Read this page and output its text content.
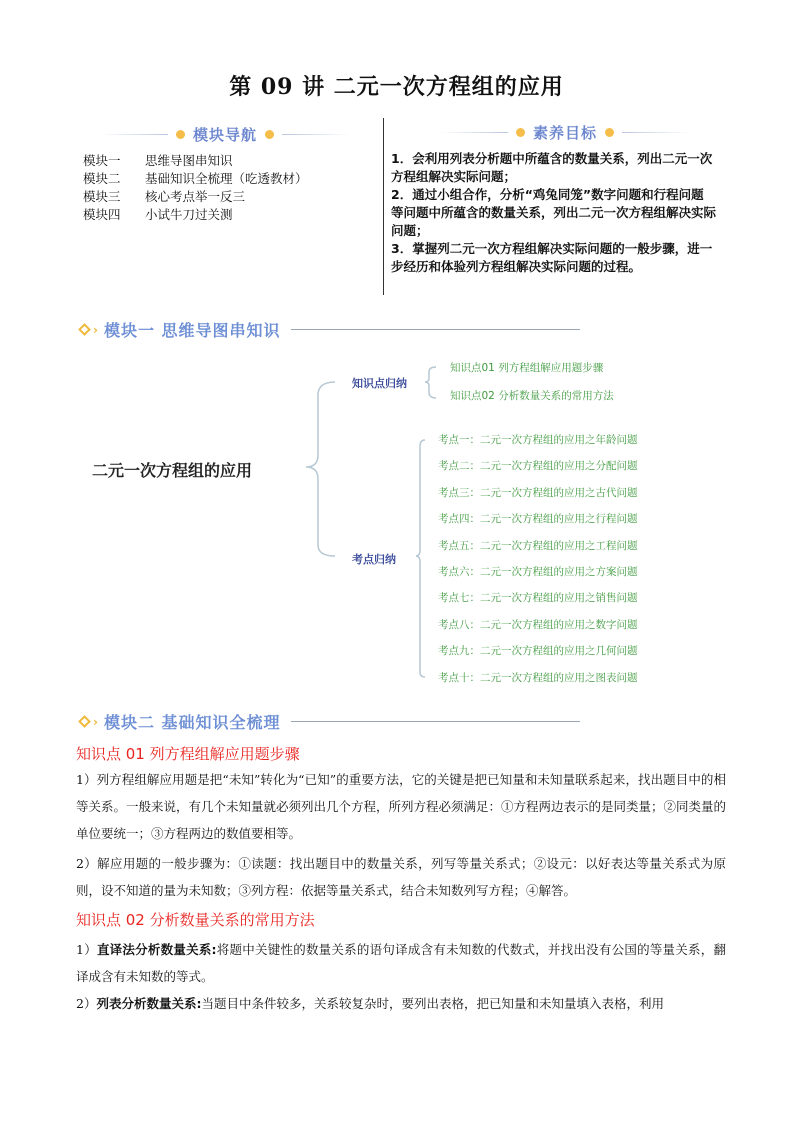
第 09 讲 二元一次方程组的应用
模块导航
模块一	思维导图串知识
模块二	基础知识全梳理（吃透教材）
模块三	核心考点举一反三
模块四	小试牛刀过关测
素养目标

1．会利用列表分析题中所蕴含的数量关系，列出二元一次方程组解决实际问题；

2．通过小组合作，分析“鸡兔同笼”数字问题和行程问题等问题中所蕴含的数量关系，列出二元一次方程组解决实际问题；

3．掌握列二元一次方程组解决实际问题的一般步骤，进一步经历和体验列方程组解决实际问题的过程。

› 模块一 思维导图串知识
二元一次方程组的应用
知识点归纳
考点归纳
知识点01 列方程组解应用题步骤
知识点02 分析数量关系的常用方法
考点一：二元一次方程组的应用之年龄问题
考点二：二元一次方程组的应用之分配问题
考点三：二元一次方程组的应用之古代问题
考点四：二元一次方程组的应用之行程问题
考点五：二元一次方程组的应用之工程问题
考点六：二元一次方程组的应用之方案问题
考点七：二元一次方程组的应用之销售问题
考点八：二元一次方程组的应用之数字问题
考点九：二元一次方程组的应用之几何问题
考点十：二元一次方程组的应用之图表问题
› 模块二 基础知识全梳理
知识点 01 列方程组解应用题步骤
1）列方程组解应用题是把“未知”转化为“已知”的重要方法，它的关键是把已知量和未知量联系起来，找出题目中的相等关系。一般来说，有几个未知量就必须列出几个方程，所列方程必须满足：①方程两边表示的是同类量；②同类量的单位要统一；③方程两边的数值要相等。
2）解应用题的一般步骤为：①读题：找出题目中的数量关系，列写等量关系式；②设元：以好表达等量关系式为原则，设不知道的量为未知数；③列方程：依据等量关系式，结合未知数列写方程；④解答。
知识点 02 分析数量关系的常用方法
1）直译法分析数量关系:将题中关键性的数量关系的语句译成含有未知数的代数式，并找出没有公国的等量关系，翻译成含有未知数的等式。
2）列表分析数量关系:当题目中条件较多，关系较复杂时，要列出表格，把已知量和未知量填入表格，利用
